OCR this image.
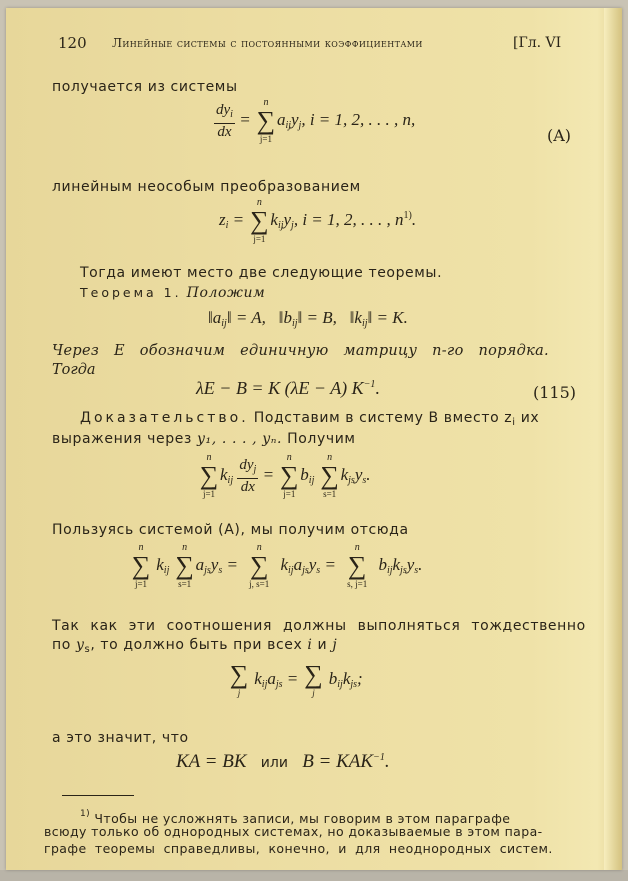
120 Линейные системы с постоянными коэффициентами	[Гл. VI
получается из системы
$\frac{dy_i}{dx}$ =
n
∑
j=1
$a_{ij}y_j$, i = 1, 2, . . . , n,
(A)
линейным неособым преобразованием
$z_i$ =
n
∑
j=1
$k_{ij}y_j$, i = 1, 2, . . . , $n^{1)}$.
Тогда имеют место две следующие теоремы.
Теорема 1. Положим
$‖a_{ij}‖ = A$,   $‖b_{ij}‖ = B$,   $‖k_{ij}‖ = K$.
Через E обозначим единичную матрицу n-го порядка.
Тогда
λE − B = K (λE − A) $K^{-1}$.	(115)
Доказательство. Подставим в систему B вместо $z_i$ их
выражения через y₁, . . . , yₙ. Получим
n
∑
j=1
$k_{ij} \frac{dy_j}{dx}$ =
n
∑
j=1
$b_{ij}$
n
∑
s=1
$k_{js}y_s$.
Пользуясь системой (A), мы получим отсюда
n
∑
j=1
$k_{ij}$
n
∑
s=1
$a_{js}y_s$ =
n
∑
j, s=1
$k_{ij}a_{js}y_s$ =
n
∑
s, j=1
$b_{ij}k_{js}y_s$.
Так как эти соотношения должны выполняться тождественно
по $y_s$, то должно быть при всех i и j
∑
j
$k_{ij}a_{js}$ = ∑
j
$b_{ij}k_{js}$;
а это значит, что
KA = BK или $B = KAK^{-1}$.
$^{1)}$ Чтобы не усложнять записи, мы говорим в этом параграфе
всюду только об однородных системах, но доказываемые в этом пара-
графе теоремы справедливы, конечно, и для неоднородных систем.
